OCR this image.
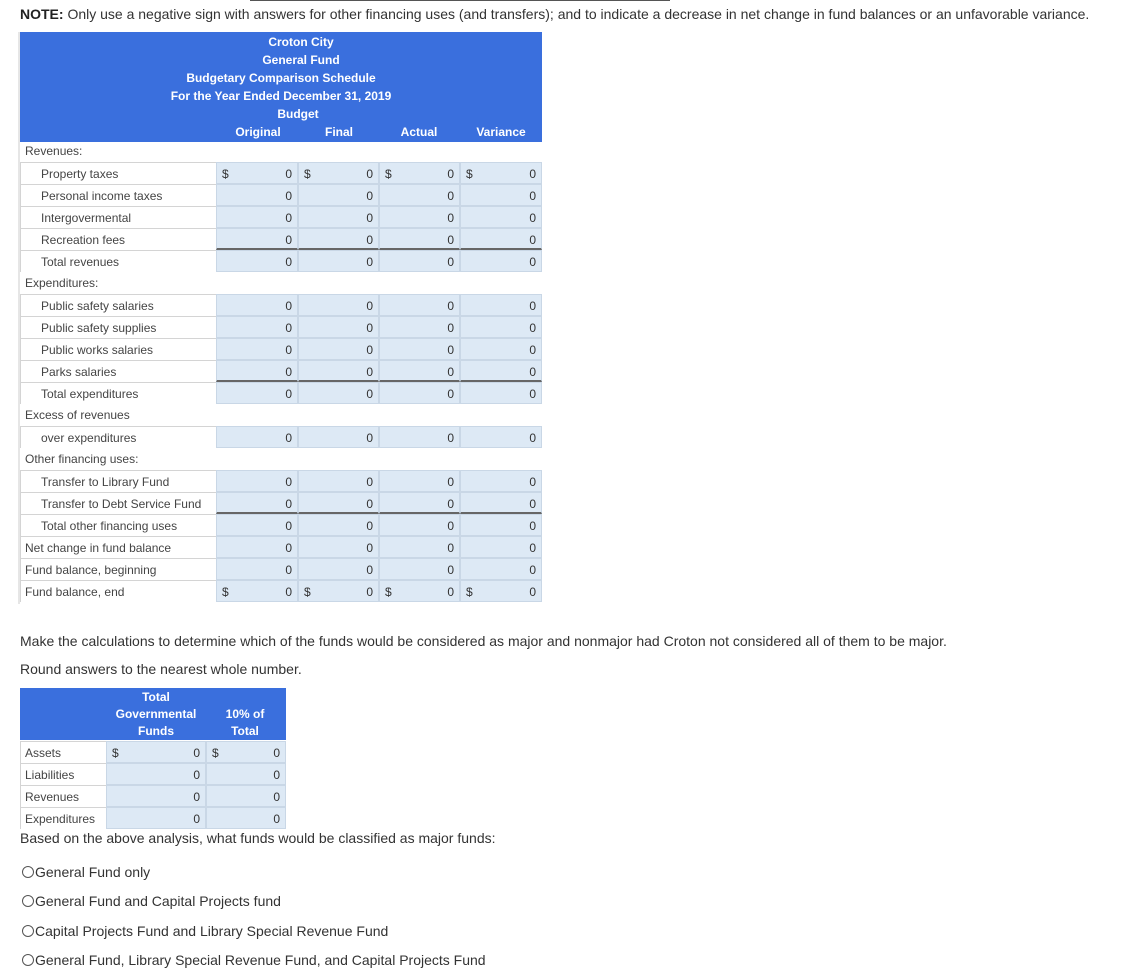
NOTE: Only use a negative sign with answers for other financing uses (and transfers); and to indicate a decrease in net change in fund balances or an unfavorable variance.
Croton City
General Fund
Budgetary Comparison Schedule
For the Year Ended December 31, 2019
Budget
Original	Final	Actual	Variance
Revenues:
Property taxes	$	0 $	0 $	0 $	0
Personal income taxes	0	0	0	0
Intergovermental	0	0	0	0
Recreation fees	0	0	0	0
Total revenues	0	0	0	0
Expenditures:
Public safety salaries	0	0	0	0
Public safety supplies	0	0	0	0
Public works salaries	0	0	0	0
Parks salaries	0	0	0	0
Total expenditures	0	0	0	0
Excess of revenues
over expenditures	0	0	0	0
Other financing uses:
Transfer to Library Fund	0	0	0	0
Transfer to Debt Service Fund	0	0	0	0
Total other financing uses	0	0	0	0
Net change in fund balance	0	0	0	0
Fund balance, beginning	0	0	0	0
Fund balance, end	$	0 $	0 $	0 $	0
Make the calculations to determine which of the funds would be considered as major and nonmajor had Croton not considered all of them to be major.
Round answers to the nearest whole number.
Total
Governmental
Funds
10% of
Total
Assets	$	0 $	0
Liabilities	0	0
Revenues	0	0
Expenditures	0	0
Based on the above analysis, what funds would be classified as major funds:
General Fund only
General Fund and Capital Projects fund
Capital Projects Fund and Library Special Revenue Fund
General Fund, Library Special Revenue Fund, and Capital Projects Fund
